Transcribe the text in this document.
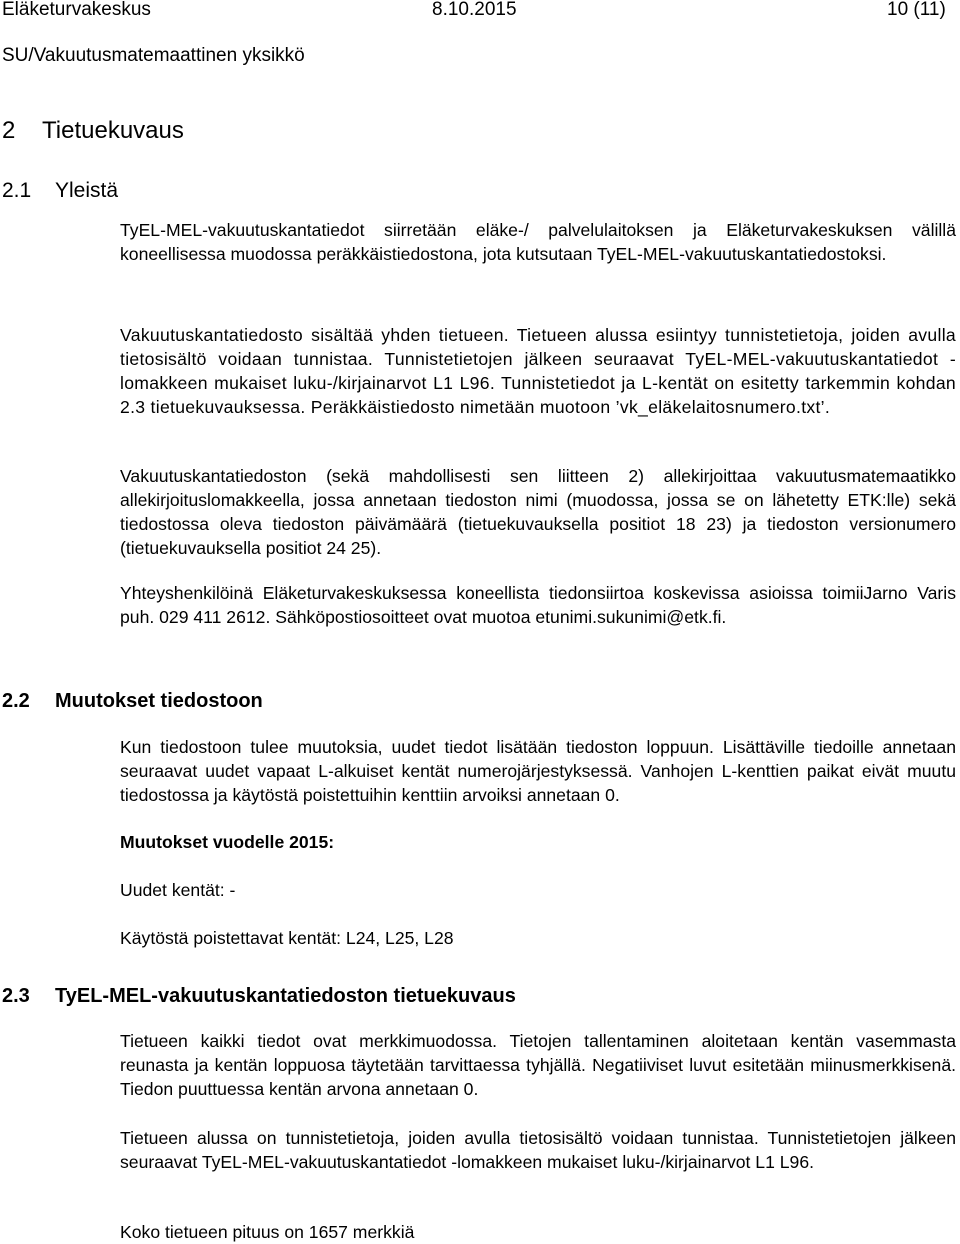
Eläketurvakeskus	8.10.2015	10 (11)
SU/Vakuutusmatemaattinen yksikkö
2 Tietuekuvaus
2.1 Yleistä

TyEL-MEL-vakuutuskantatiedot siirretään eläke-/ palvelulaitoksen ja Eläketurvakeskuksen välillä koneellisessa muodossa peräkkäistiedostona, jota kutsutaan TyEL-MEL-vakuutuskantatiedostoksi.

Vakuutuskantatiedosto sisältää yhden tietueen. Tietueen alussa esiintyy tunnistetietoja, joiden avulla tietosisältö voidaan tunnistaa. Tunnistetietojen jälkeen seuraavat TyEL-MEL-vakuutuskantatiedot -lomakkeen mukaiset luku-/kirjainarvot L1 L96. Tunnistetiedot ja L-kentät on esitetty tarkemmin kohdan 2.3 tietuekuvauksessa. Peräkkäistiedosto nimetään muotoon ’vk_eläkelaitosnumero.txt’.

Vakuutuskantatiedoston (sekä mahdollisesti sen liitteen 2) allekirjoittaa vakuutusmatemaatikko allekirjoituslomakkeella, jossa annetaan tiedoston nimi (muodossa, jossa se on lähetetty ETK:lle) sekä tiedostossa oleva tiedoston päivämäärä (tietuekuvauksella positiot 18 23) ja tiedoston versionumero (tietuekuvauksella positiot 24 25).

Yhteyshenkilöinä Eläketurvakeskuksessa koneellista tiedonsiirtoa koskevissa asioissa toimiiJarno Varis puh. 029 411 2612. Sähköpostiosoitteet ovat muotoa etunimi.sukunimi@etk.fi.

2.2 Muutokset tiedostoon

Kun tiedostoon tulee muutoksia, uudet tiedot lisätään tiedoston loppuun. Lisättäville tiedoille annetaan seuraavat uudet vapaat L-alkuiset kentät numerojärjestyksessä. Vanhojen L-kenttien paikat eivät muutu tiedostossa ja käytöstä poistettuihin kenttiin arvoiksi annetaan 0.

Muutokset vuodelle 2015:
Uudet kentät: -
Käytöstä poistettavat kentät: L24, L25, L28
2.3 TyEL-MEL-vakuutuskantatiedoston tietuekuvaus

Tietueen kaikki tiedot ovat merkkimuodossa. Tietojen tallentaminen aloitetaan kentän vasemmasta reunasta ja kentän loppuosa täytetään tarvittaessa tyhjällä. Negatiiviset luvut esitetään miinusmerkkisenä. Tiedon puuttuessa kentän arvona annetaan 0.

Tietueen alussa on tunnistetietoja, joiden avulla tietosisältö voidaan tunnistaa. Tunnistetietojen jälkeen seuraavat TyEL-MEL-vakuutuskantatiedot -lomakkeen mukaiset luku-/kirjainarvot L1 L96.

Koko tietueen pituus on 1657 merkkiä
